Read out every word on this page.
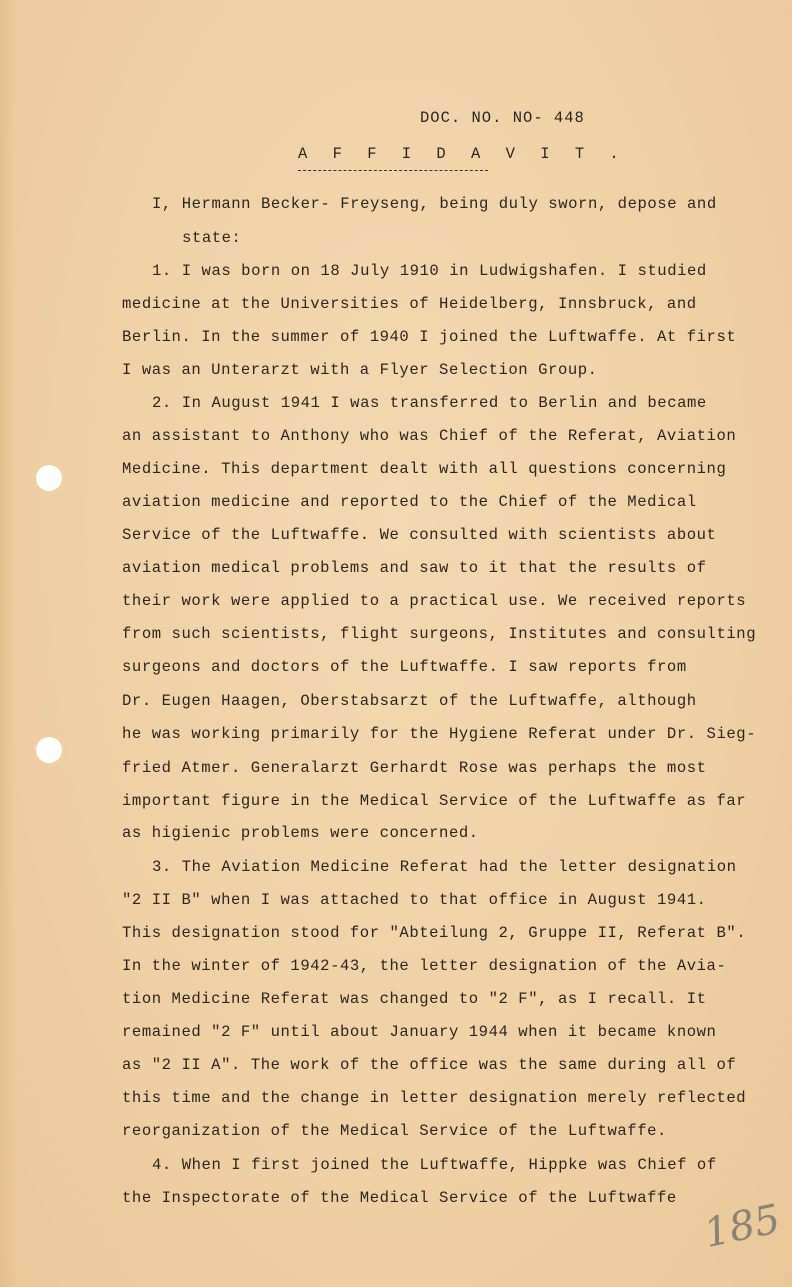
DOC. NO. NO- 448
A F F I D A V I T .
I, Hermann Becker- Freyseng, being duly sworn, depose and
state:
1. I was born on 18 July 1910 in Ludwigshafen. I studied
medicine at the Universities of Heidelberg, Innsbruck, and
Berlin. In the summer of 1940 I joined the Luftwaffe. At first
I was an Unterarzt with a Flyer Selection Group.
2. In August 1941 I was transferred to Berlin and became
an assistant to Anthony who was Chief of the Referat, Aviation
Medicine. This department dealt with all questions concerning
aviation medicine and reported to the Chief of the Medical
Service of the Luftwaffe. We consulted with scientists about
aviation medical problems and saw to it that the results of
their work were applied to a practical use. We received reports
from such scientists, flight surgeons, Institutes and consulting
surgeons and doctors of the Luftwaffe. I saw reports from
Dr. Eugen Haagen, Oberstabsarzt of the Luftwaffe, although
he was working primarily for the Hygiene Referat under Dr. Sieg-
fried Atmer. Generalarzt Gerhardt Rose was perhaps the most
important figure in the Medical Service of the Luftwaffe as far
as higienic problems were concerned.
3. The Aviation Medicine Referat had the letter designation
"2 II B" when I was attached to that office in August 1941.
This designation stood for "Abteilung 2, Gruppe II, Referat B".
In the winter of 1942-43, the letter designation of the Avia-
tion Medicine Referat was changed to "2 F", as I recall. It
remained "2 F" until about January 1944 when it became known
as "2 II A". The work of the office was the same during all of
this time and the change in letter designation merely reflected
reorganization of the Medical Service of the Luftwaffe.
4. When I first joined the Luftwaffe, Hippke was Chief of
the Inspectorate of the Medical Service of the Luftwaffe 185
